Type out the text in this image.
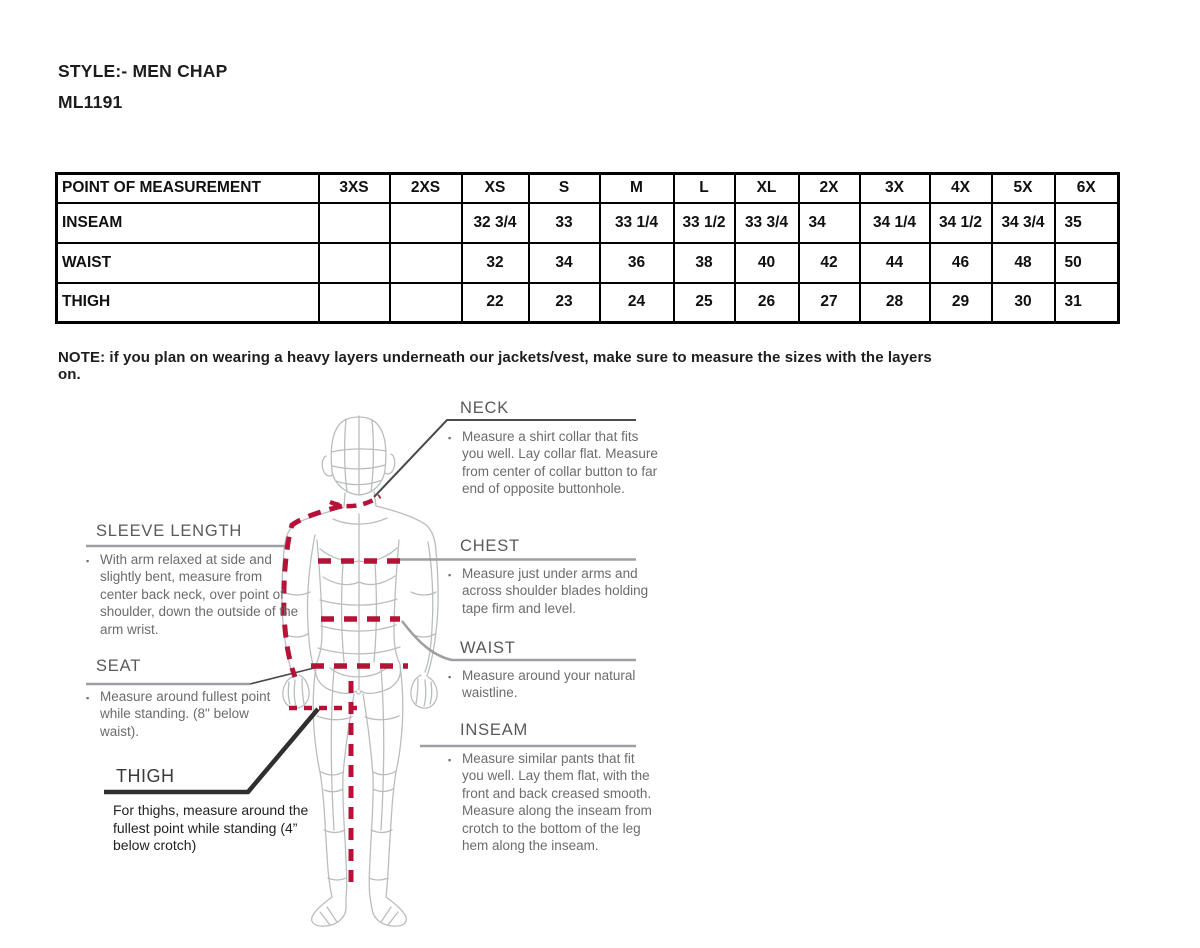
STYLE:- MEN CHAP
ML1191
POINT OF MEASUREMENT	3XS	2XS	XS	S	M	L	XL	2X	3X	4X	5X	6X
INSEAM			32 3/4	33	33 1/4	33 1/2	33 3/4	34	34 1/4	34 1/2	34 3/4	35
WAIST			32	34	36	38	40	42	44	46	48	50
THIGH			22	23	24	25	26	27	28	29	30	31
NOTE: if you plan on wearing a heavy layers underneath our jackets/vest, make sure to measure the sizes with the layers on.
NECK
▪ Measure a shirt collar that fits you well. Lay collar flat. Measure from center of collar button to far end of opposite buttonhole.
CHEST
▪ Measure just under arms and across shoulder blades holding tape firm and level.
WAIST
▪ Measure around your natural waistline.
INSEAM
▪ Measure similar pants that fit you well. Lay them flat, with the front and back creased smooth. Measure along the inseam from crotch to the bottom of the leg hem along the inseam.
SLEEVE LENGTH
▪ With arm relaxed at side and slightly bent, measure from center back neck, over point of shoulder, down the outside of the arm wrist.
SEAT
▪ Measure around fullest point while standing. (8" below waist).
THIGH
For thighs, measure around the fullest point while standing (4” below crotch)
